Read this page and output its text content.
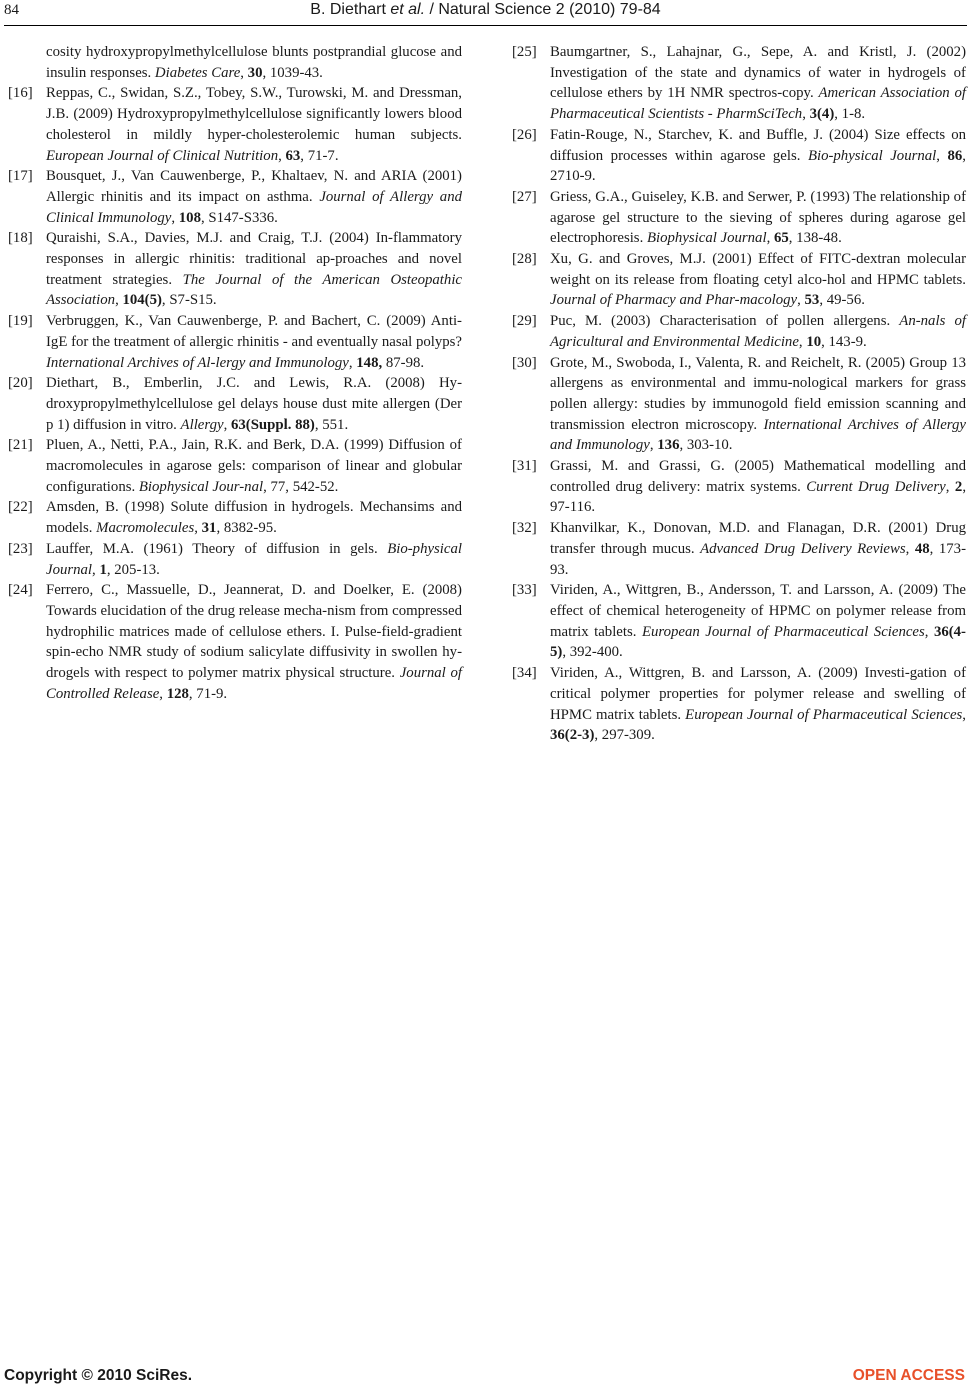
84	B. Diethart et al. / Natural Science 2 (2010) 79-84
cosity hydroxypropylmethylcellulose blunts postprandial glucose and insulin responses. Diabetes Care, 30, 1039-43.
[16] Reppas, C., Swidan, S.Z., Tobey, S.W., Turowski, M. and Dressman, J.B. (2009) Hydroxypropylmethylcellulose significantly lowers blood cholesterol in mildly hyper-cholesterolemic human subjects. European Journal of Clinical Nutrition, 63, 71-7.
[17] Bousquet, J., Van Cauwenberge, P., Khaltaev, N. and ARIA (2001) Allergic rhinitis and its impact on asthma. Journal of Allergy and Clinical Immunology, 108, S147-S336.
[18] Quraishi, S.A., Davies, M.J. and Craig, T.J. (2004) In-flammatory responses in allergic rhinitis: traditional ap-proaches and novel treatment strategies. The Journal of the American Osteopathic Association, 104(5), S7-S15.
[19] Verbruggen, K., Van Cauwenberge, P. and Bachert, C. (2009) Anti-IgE for the treatment of allergic rhinitis - and eventually nasal polyps? International Archives of Al-lergy and Immunology, 148, 87-98.
[20] Diethart, B., Emberlin, J.C. and Lewis, R.A. (2008) Hy-droxypropylmethylcellulose gel delays house dust mite allergen (Der p 1) diffusion in vitro. Allergy, 63(Suppl. 88), 551.
[21] Pluen, A., Netti, P.A., Jain, R.K. and Berk, D.A. (1999) Diffusion of macromolecules in agarose gels: comparison of linear and globular configurations. Biophysical Jour-nal, 77, 542-52.
[22] Amsden, B. (1998) Solute diffusion in hydrogels. Mechansims and models. Macromolecules, 31, 8382-95.
[23] Lauffer, M.A. (1961) Theory of diffusion in gels. Bio-physical Journal, 1, 205-13.
[24] Ferrero, C., Massuelle, D., Jeannerat, D. and Doelker, E. (2008) Towards elucidation of the drug release mecha-nism from compressed hydrophilic matrices made of cellulose ethers. I. Pulse-field-gradient spin-echo NMR study of sodium salicylate diffusivity in swollen hy-drogels with respect to polymer matrix physical structure. Journal of Controlled Release, 128, 71-9.
[25] Baumgartner, S., Lahajnar, G., Sepe, A. and Kristl, J. (2002) Investigation of the state and dynamics of water in hydrogels of cellulose ethers by 1H NMR spectros-copy. American Association of Pharmaceutical Scientists - PharmSciTech, 3(4), 1-8.
[26] Fatin-Rouge, N., Starchev, K. and Buffle, J. (2004) Size effects on diffusion processes within agarose gels. Bio-physical Journal, 86, 2710-9.
[27] Griess, G.A., Guiseley, K.B. and Serwer, P. (1993) The relationship of agarose gel structure to the sieving of spheres during agarose gel electrophoresis. Biophysical Journal, 65, 138-48.
[28] Xu, G. and Groves, M.J. (2001) Effect of FITC-dextran molecular weight on its release from floating cetyl alco-hol and HPMC tablets. Journal of Pharmacy and Phar-macology, 53, 49-56.
[29] Puc, M. (2003) Characterisation of pollen allergens. An-nals of Agricultural and Environmental Medicine, 10, 143-9.
[30] Grote, M., Swoboda, I., Valenta, R. and Reichelt, R. (2005) Group 13 allergens as environmental and immu-nological markers for grass pollen allergy: studies by immunogold field emission scanning and transmission electron microscopy. International Archives of Allergy and Immunology, 136, 303-10.
[31] Grassi, M. and Grassi, G. (2005) Mathematical modelling and controlled drug delivery: matrix systems. Current Drug Delivery, 2, 97-116.
[32] Khanvilkar, K., Donovan, M.D. and Flanagan, D.R. (2001) Drug transfer through mucus. Advanced Drug Delivery Reviews, 48, 173-93.
[33] Viriden, A., Wittgren, B., Andersson, T. and Larsson, A. (2009) The effect of chemical heterogeneity of HPMC on polymer release from matrix tablets. European Journal of Pharmaceutical Sciences, 36(4-5), 392-400.
[34] Viriden, A., Wittgren, B. and Larsson, A. (2009) Investi-gation of critical polymer properties for polymer release and swelling of HPMC matrix tablets. European Journal of Pharmaceutical Sciences, 36(2-3), 297-309.
Copyright © 2010 SciRes.	OPEN ACCESS
